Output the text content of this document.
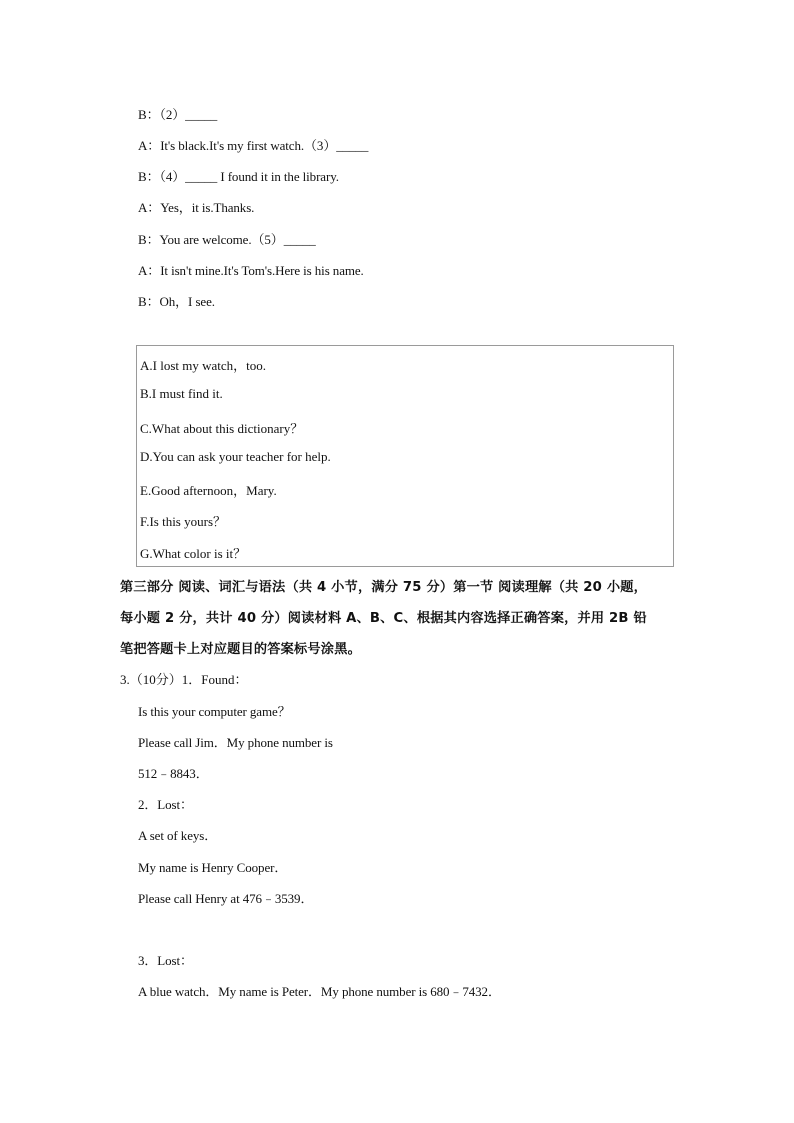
B：（2）_____
A：It's black.It's my first watch.（3）_____
B：（4）_____ I found it in the library.
A：Yes，it is.Thanks.
B：You are welcome.（5）_____
A：It isn't mine.It's Tom's.Here is his name.
B：Oh，I see.
A.I lost my watch，too.
B.I must find it.
C.What about this dictionary？
D.You can ask your teacher for help.
E.Good afternoon，Mary.
F.Is this yours？
G.What color is it？
第三部分 阅读、词汇与语法（共 4 小节，满分 75 分）第一节 阅读理解（共 20 小题，
每小题 2 分，共计 40 分）阅读材料 A、B、C、根据其内容选择正确答案，并用 2B 铅
笔把答题卡上对应题目的答案标号涂黑。
3.（10分）1．Found：
Is this your computer game？
Please call Jim．My phone number is
512﹣8843．
2．Lost：
A set of keys．
My name is Henry Cooper．
Please call Henry at 476﹣3539．
3．Lost：
A blue watch．My name is Peter．My phone number is 680﹣7432．
